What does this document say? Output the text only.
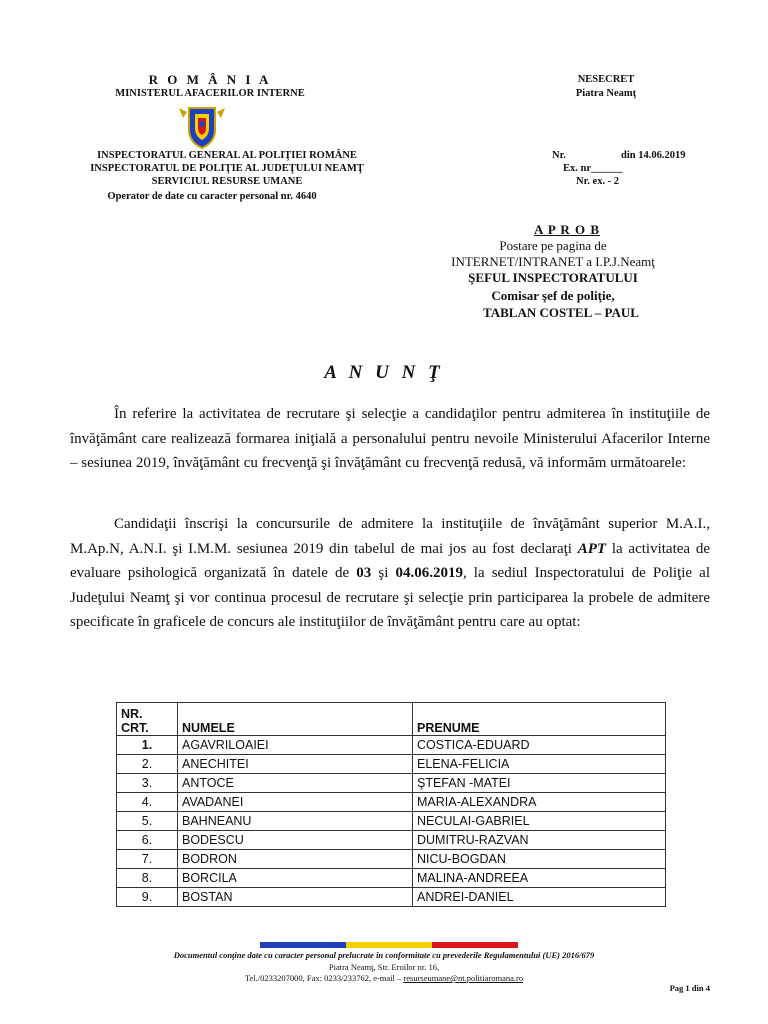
R O M Â N I A
MINISTERUL AFACERILOR INTERNE
INSPECTORATUL GENERAL AL POLIŢIEI ROMÂNE
INSPECTORATUL DE POLIŢIE AL JUDEŢULUI NEAMŢ
SERVICIUL RESURSE UMANE
Operator de date cu caracter personal nr. 4640
NESECRET
Piatra Neamţ
Nr.	din 14.06.2019
Ex. nr______
Nr. ex. - 2
A P R O B
Postare pe pagina de
INTERNET/INTRANET a I.P.J.Neamţ
ŞEFUL INSPECTORATULUI
Comisar şef de poliţie,
TABLAN COSTEL – PAUL
A N U N Ţ
În referire la activitatea de recrutare şi selecţie a candidaţilor pentru admiterea în instituţiile de învăţământ care realizează formarea iniţială a personalului pentru nevoile Ministerului Afacerilor Interne – sesiunea 2019, învăţământ cu frecvenţă şi învăţământ cu frecvenţă redusă, vă informăm următoarele:
Candidaţii înscrişi la concursurile de admitere la instituţiile de învăţământ superior M.A.I., M.Ap.N, A.N.I. şi I.M.M. sesiunea 2019 din tabelul de mai jos au fost declaraţi APT la activitatea de evaluare psihologică organizată în datele de 03 şi 04.06.2019, la sediul Inspectoratului de Poliţie al Judeţului Neamţ şi vor continua procesul de recrutare şi selecţie prin participarea la probele de admitere specificate în graficele de concurs ale instituţiilor de învăţământ pentru care au optat:
NR.
CRT.	NUMELE	PRENUME
1.	AGAVRILOAIEI	COSTICA-EDUARD
2.	ANECHITEI	ELENA-FELICIA
3.	ANTOCE	ŞTEFAN -MATEI
4.	AVADANEI	MARIA-ALEXANDRA
5.	BAHNEANU	NECULAI-GABRIEL
6.	BODESCU	DUMITRU-RAZVAN
7.	BODRON	NICU-BOGDAN
8.	BORCILA	MALINA-ANDREEA
9.	BOSTAN	ANDREI-DANIEL
Documentul conţine date cu caracter personal prelucrate în conformitate cu prevederile Regulamentului (UE) 2016/679
Piatra Neamţ, Str. Eroilor nr. 16,
Tel./0233207000, Fax: 0233/233762, e-mail – resurseumane@nt.politiaromana.ro
Pag 1 din 4
